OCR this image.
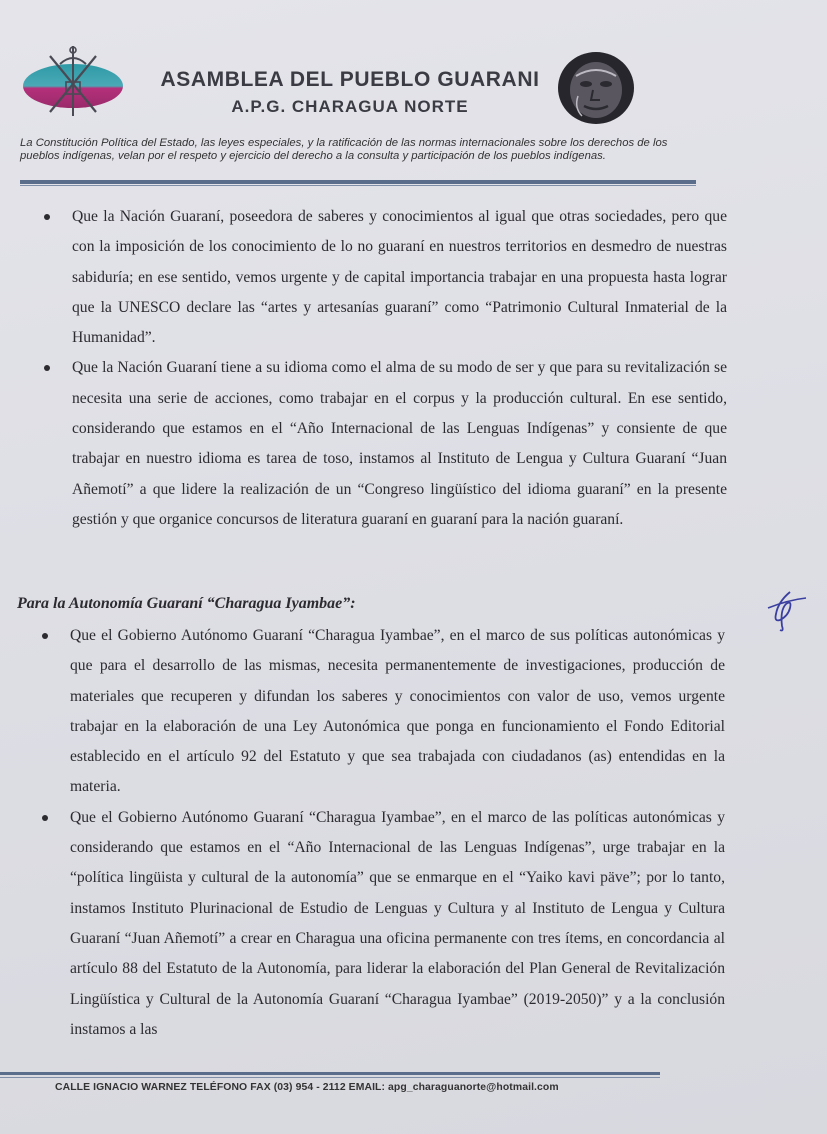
ASAMBLEA DEL PUEBLO GUARANI
A.P.G. CHARAGUA NORTE
La Constitución Política del Estado, las leyes especiales, y la ratificación de las normas internacionales sobre los derechos de los pueblos indígenas, velan por el respeto y ejercicio del derecho a la consulta y participación de los pueblos indígenas.
Que la Nación Guaraní, poseedora de saberes y conocimientos al igual que otras sociedades, pero que con la imposición de los conocimiento de lo no guaraní en nuestros territorios en desmedro de nuestras sabiduría; en ese sentido, vemos urgente y de capital importancia trabajar en una propuesta hasta lograr que la UNESCO declare las “artes y artesanías guaraní” como “Patrimonio Cultural Inmaterial de la Humanidad”.
Que la Nación Guaraní tiene a su idioma como el alma de su modo de ser y que para su revitalización se necesita una serie de acciones, como trabajar en el corpus y la producción cultural. En ese sentido, considerando que estamos en el “Año Internacional de las Lenguas Indígenas” y consiente de que trabajar en nuestro idioma es tarea de toso, instamos al Instituto de Lengua y Cultura Guaraní “Juan Añemotí” a que lidere la realización de un “Congreso lingüístico del idioma guaraní” en la presente gestión y que organice concursos de literatura guaraní en guaraní para la nación guaraní.
Para la Autonomía Guaraní “Charagua Iyambae”:
Que el Gobierno Autónomo Guaraní “Charagua Iyambae”, en el marco de sus políticas autonómicas y que para el desarrollo de las mismas, necesita permanentemente de investigaciones, producción de materiales que recuperen y difundan los saberes y conocimientos con valor de uso, vemos urgente trabajar en la elaboración de una Ley Autonómica que ponga en funcionamiento el Fondo Editorial establecido en el artículo 92 del Estatuto y que sea trabajada con ciudadanos (as) entendidas en la materia.
Que el Gobierno Autónomo Guaraní “Charagua Iyambae”, en el marco de las políticas autonómicas y considerando que estamos en el “Año Internacional de las Lenguas Indígenas”, urge trabajar en la “política lingüista y cultural de la autonomía” que se enmarque en el “Yaiko kavi päve”; por lo tanto, instamos Instituto Plurinacional de Estudio de Lenguas y Cultura y al Instituto de Lengua y Cultura Guaraní “Juan Añemotí” a crear en Charagua una oficina permanente con tres ítems, en concordancia al artículo 88 del Estatuto de la Autonomía, para liderar la elaboración del Plan General de Revitalización Lingüística y Cultural de la Autonomía Guaraní “Charagua Iyambae” (2019-2050)” y a la conclusión instamos a las
CALLE IGNACIO WARNEZ TELÉFONO FAX (03) 954 - 2112 EMAIL: apg_charaguanorte@hotmail.com
